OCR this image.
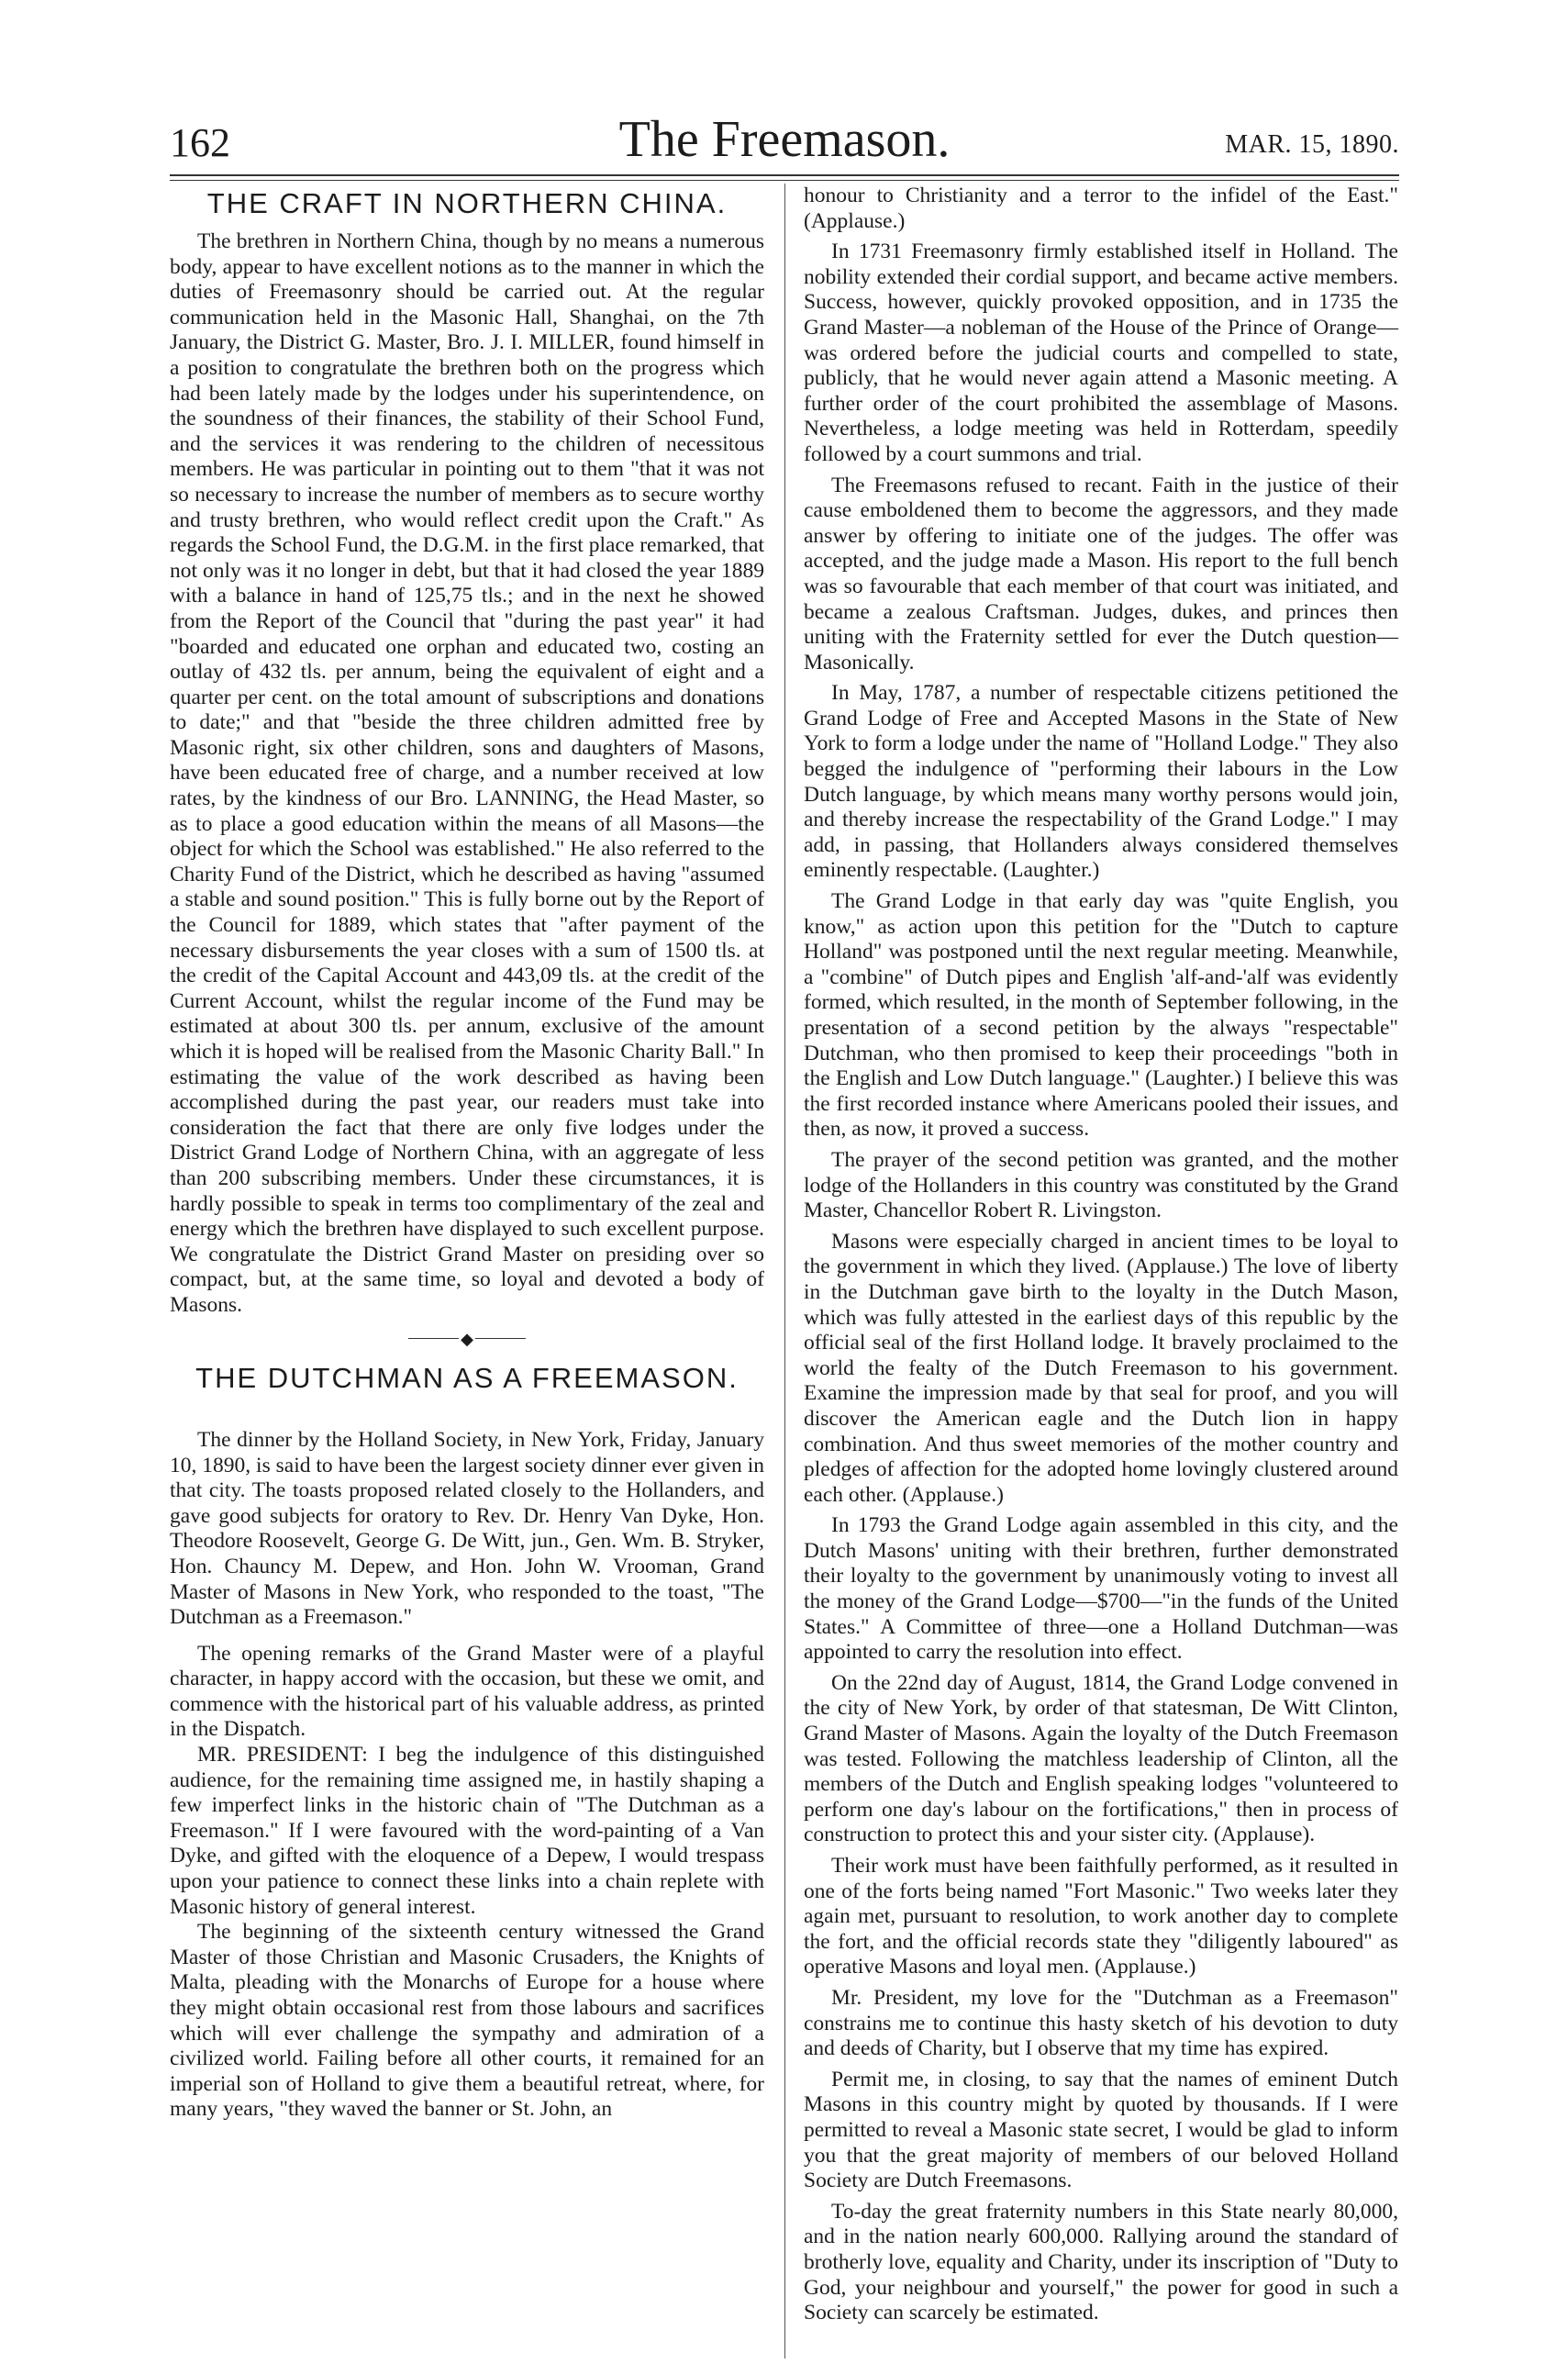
162	The Freemason.	MAR. 15, 1890.
THE CRAFT IN NORTHERN CHINA.

The brethren in Northern China, though by no means a numerous body, appear to have excellent notions as to the manner in which the duties of Freemasonry should be carried out. At the regular communication held in the Masonic Hall, Shanghai, on the 7th January, the District G. Master, Bro. J. I. MILLER, found himself in a position to congratulate the brethren both on the progress which had been lately made by the lodges under his superintendence, on the soundness of their finances, the stability of their School Fund, and the services it was rendering to the children of necessitous members. He was particular in pointing out to them "that it was not so necessary to increase the number of members as to secure worthy and trusty brethren, who would reflect credit upon the Craft." As regards the School Fund, the D.G.M. in the first place remarked, that not only was it no longer in debt, but that it had closed the year 1889 with a balance in hand of 125,75 tls.; and in the next he showed from the Report of the Council that "during the past year" it had "boarded and educated one orphan and educated two, costing an outlay of 432 tls. per annum, being the equivalent of eight and a quarter per cent. on the total amount of subscriptions and donations to date;" and that "beside the three children admitted free by Masonic right, six other children, sons and daughters of Masons, have been educated free of charge, and a number received at low rates, by the kindness of our Bro. LANNING, the Head Master, so as to place a good education within the means of all Masons—the object for which the School was established." He also referred to the Charity Fund of the District, which he described as having "assumed a stable and sound position." This is fully borne out by the Report of the Council for 1889, which states that "after payment of the necessary disbursements the year closes with a sum of 1500 tls. at the credit of the Capital Account and 443,09 tls. at the credit of the Current Account, whilst the regular income of the Fund may be estimated at about 300 tls. per annum, exclusive of the amount which it is hoped will be realised from the Masonic Charity Ball." In estimating the value of the work described as having been accomplished during the past year, our readers must take into consideration the fact that there are only five lodges under the District Grand Lodge of Northern China, with an aggregate of less than 200 subscribing members. Under these circumstances, it is hardly possible to speak in terms too complimentary of the zeal and energy which the brethren have displayed to such excellent purpose. We congratulate the District Grand Master on presiding over so compact, but, at the same time, so loyal and devoted a body of Masons.

◆
THE DUTCHMAN AS A FREEMASON.

The dinner by the Holland Society, in New York, Friday, January 10, 1890, is said to have been the largest society dinner ever given in that city. The toasts proposed related closely to the Hollanders, and gave good subjects for oratory to Rev. Dr. Henry Van Dyke, Hon. Theodore Roosevelt, George G. De Witt, jun., Gen. Wm. B. Stryker, Hon. Chauncy M. Depew, and Hon. John W. Vrooman, Grand Master of Masons in New York, who responded to the toast, "The Dutchman as a Freemason."

The opening remarks of the Grand Master were of a playful character, in happy accord with the occasion, but these we omit, and commence with the historical part of his valuable address, as printed in the Dispatch.

MR. PRESIDENT: I beg the indulgence of this distinguished audience, for the remaining time assigned me, in hastily shaping a few imperfect links in the historic chain of "The Dutchman as a Freemason." If I were favoured with the word-painting of a Van Dyke, and gifted with the eloquence of a Depew, I would trespass upon your patience to connect these links into a chain replete with Masonic history of general interest.

The beginning of the sixteenth century witnessed the Grand Master of those Christian and Masonic Crusaders, the Knights of Malta, pleading with the Monarchs of Europe for a house where they might obtain occasional rest from those labours and sacrifices which will ever challenge the sympathy and admiration of a civilized world. Failing before all other courts, it remained for an imperial son of Holland to give them a beautiful retreat, where, for many years, "they waved the banner or St. John, an

honour to Christianity and a terror to the infidel of the East." (Applause.)

In 1731 Freemasonry firmly established itself in Holland. The nobility extended their cordial support, and became active members. Success, however, quickly provoked opposition, and in 1735 the Grand Master—a nobleman of the House of the Prince of Orange—was ordered before the judicial courts and compelled to state, publicly, that he would never again attend a Masonic meeting. A further order of the court prohibited the assemblage of Masons. Nevertheless, a lodge meeting was held in Rotterdam, speedily followed by a court summons and trial.

The Freemasons refused to recant. Faith in the justice of their cause emboldened them to become the aggressors, and they made answer by offering to initiate one of the judges. The offer was accepted, and the judge made a Mason. His report to the full bench was so favourable that each member of that court was initiated, and became a zealous Craftsman. Judges, dukes, and princes then uniting with the Fraternity settled for ever the Dutch question—Masonically.

In May, 1787, a number of respectable citizens petitioned the Grand Lodge of Free and Accepted Masons in the State of New York to form a lodge under the name of "Holland Lodge." They also begged the indulgence of "performing their labours in the Low Dutch language, by which means many worthy persons would join, and thereby increase the respectability of the Grand Lodge." I may add, in passing, that Hollanders always considered themselves eminently respectable. (Laughter.)

The Grand Lodge in that early day was "quite English, you know," as action upon this petition for the "Dutch to capture Holland" was postponed until the next regular meeting. Meanwhile, a "combine" of Dutch pipes and English 'alf-and-'alf was evidently formed, which resulted, in the month of September following, in the presentation of a second petition by the always "respectable" Dutchman, who then promised to keep their proceedings "both in the English and Low Dutch language." (Laughter.) I believe this was the first recorded instance where Americans pooled their issues, and then, as now, it proved a success.

The prayer of the second petition was granted, and the mother lodge of the Hollanders in this country was constituted by the Grand Master, Chancellor Robert R. Livingston.

Masons were especially charged in ancient times to be loyal to the government in which they lived. (Applause.) The love of liberty in the Dutchman gave birth to the loyalty in the Dutch Mason, which was fully attested in the earliest days of this republic by the official seal of the first Holland lodge. It bravely proclaimed to the world the fealty of the Dutch Freemason to his government. Examine the impression made by that seal for proof, and you will discover the American eagle and the Dutch lion in happy combination. And thus sweet memories of the mother country and pledges of affection for the adopted home lovingly clustered around each other. (Applause.)

In 1793 the Grand Lodge again assembled in this city, and the Dutch Masons' uniting with their brethren, further demonstrated their loyalty to the government by unanimously voting to invest all the money of the Grand Lodge—$700—"in the funds of the United States." A Committee of three—one a Holland Dutchman—was appointed to carry the resolution into effect.

On the 22nd day of August, 1814, the Grand Lodge convened in the city of New York, by order of that statesman, De Witt Clinton, Grand Master of Masons. Again the loyalty of the Dutch Freemason was tested. Following the matchless leadership of Clinton, all the members of the Dutch and English speaking lodges "volunteered to perform one day's labour on the fortifications," then in process of construction to protect this and your sister city. (Applause).

Their work must have been faithfully performed, as it resulted in one of the forts being named "Fort Masonic." Two weeks later they again met, pursuant to resolution, to work another day to complete the fort, and the official records state they "diligently laboured" as operative Masons and loyal men. (Applause.)

Mr. President, my love for the "Dutchman as a Freemason" constrains me to continue this hasty sketch of his devotion to duty and deeds of Charity, but I observe that my time has expired.

Permit me, in closing, to say that the names of eminent Dutch Masons in this country might by quoted by thousands. If I were permitted to reveal a Masonic state secret, I would be glad to inform you that the great majority of members of our beloved Holland Society are Dutch Freemasons.

To-day the great fraternity numbers in this State nearly 80,000, and in the nation nearly 600,000. Rallying around the standard of brotherly love, equality and Charity, under its inscription of "Duty to God, your neighbour and yourself," the power for good in such a Society can scarcely be estimated.
